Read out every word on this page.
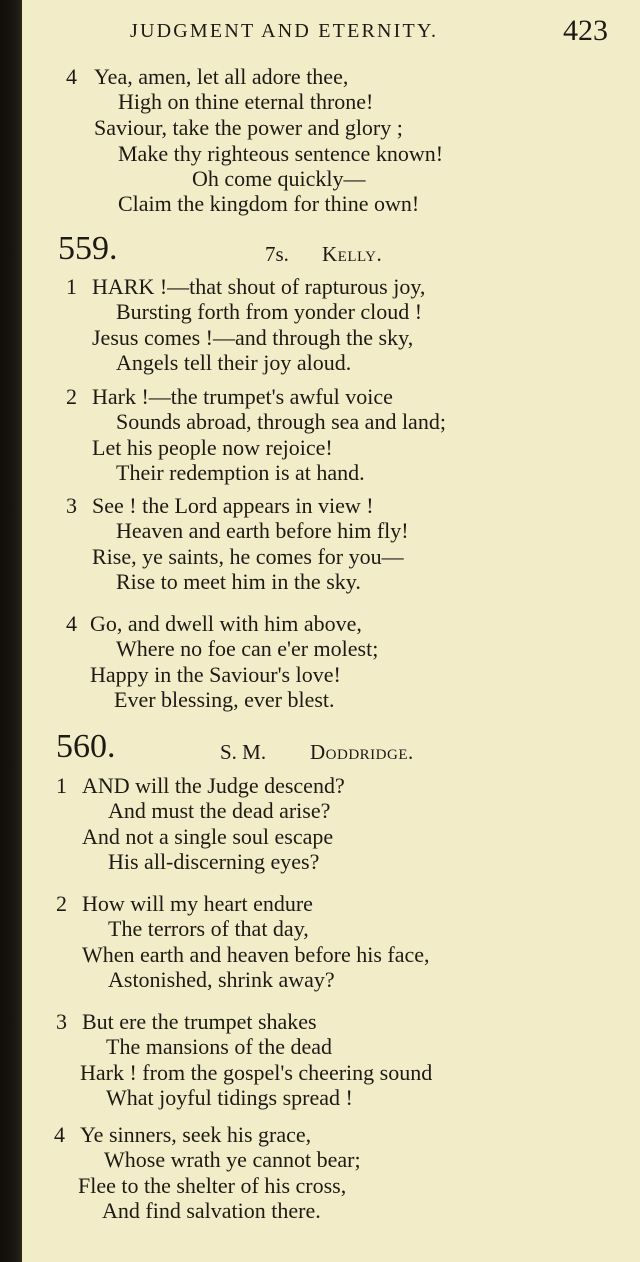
JUDGMENT AND ETERNITY.	423
4 Yea, amen, let all adore thee,
High on thine eternal throne!
Saviour, take the power and glory ;
Make thy righteous sentence known!
Oh come quickly—
Claim the kingdom for thine own!
559.	7s. Kelly.
1 HARK !—that shout of rapturous joy,
Bursting forth from yonder cloud !
Jesus comes !—and through the sky,
Angels tell their joy aloud.
2 Hark !—the trumpet's awful voice
Sounds abroad, through sea and land;
Let his people now rejoice!
Their redemption is at hand.
3 See ! the Lord appears in view !
Heaven and earth before him fly!
Rise, ye saints, he comes for you—
Rise to meet him in the sky.
4 Go, and dwell with him above,
Where no foe can e'er molest;
Happy in the Saviour's love!
Ever blessing, ever blest.
560.	S. M. Doddridge.
1 AND will the Judge descend?
And must the dead arise?
And not a single soul escape
His all-discerning eyes?
2 How will my heart endure
The terrors of that day,
When earth and heaven before his face,
Astonished, shrink away?
3 But ere the trumpet shakes
The mansions of the dead
Hark ! from the gospel's cheering sound
What joyful tidings spread !
4 Ye sinners, seek his grace,
Whose wrath ye cannot bear;
Flee to the shelter of his cross,
And find salvation there.
